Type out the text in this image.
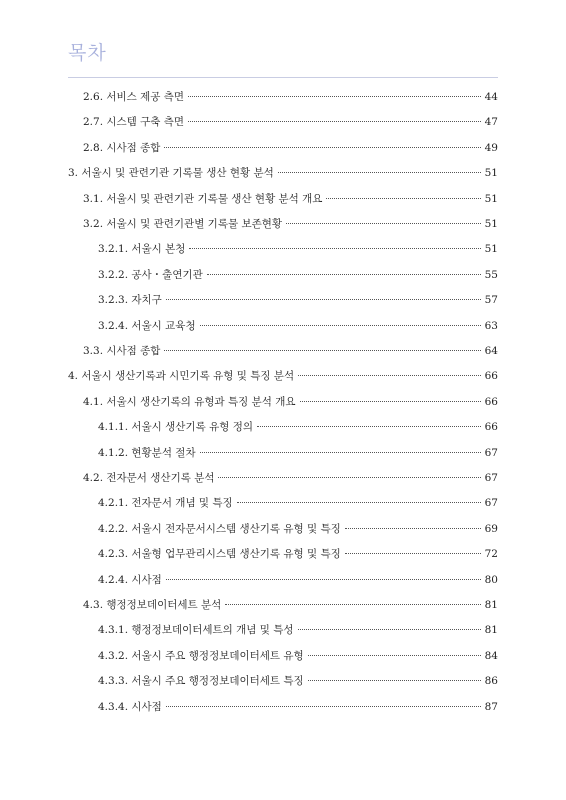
목차
2.6. 서비스 제공 측면	44
2.7. 시스템 구축 측면	47
2.8. 시사점 종합	49
3. 서울시 및 관련기관 기록물 생산 현황 분석	51
3.1. 서울시 및 관련기관 기록물 생산 현황 분석 개요	51
3.2. 서울시 및 관련기관별 기록물 보존현황	51
3.2.1. 서울시 본청	51
3.2.2. 공사・출연기관	55
3.2.3. 자치구	57
3.2.4. 서울시 교육청	63
3.3. 시사점 종합	64
4. 서울시 생산기록과 시민기록 유형 및 특징 분석	66
4.1. 서울시 생산기록의 유형과 특징 분석 개요	66
4.1.1. 서울시 생산기록 유형 정의	66
4.1.2. 현황분석 절차	67
4.2. 전자문서 생산기록 분석	67
4.2.1. 전자문서 개념 및 특징	67
4.2.2. 서울시 전자문서시스템 생산기록 유형 및 특징	69
4.2.3. 서울형 업무관리시스템 생산기록 유형 및 특징	72
4.2.4. 시사점	80
4.3. 행정정보데이터세트 분석	81
4.3.1. 행정정보데이터세트의 개념 및 특성	81
4.3.2. 서울시 주요 행정정보데이터세트 유형	84
4.3.3. 서울시 주요 행정정보데이터세트 특징	86
4.3.4. 시사점	87
